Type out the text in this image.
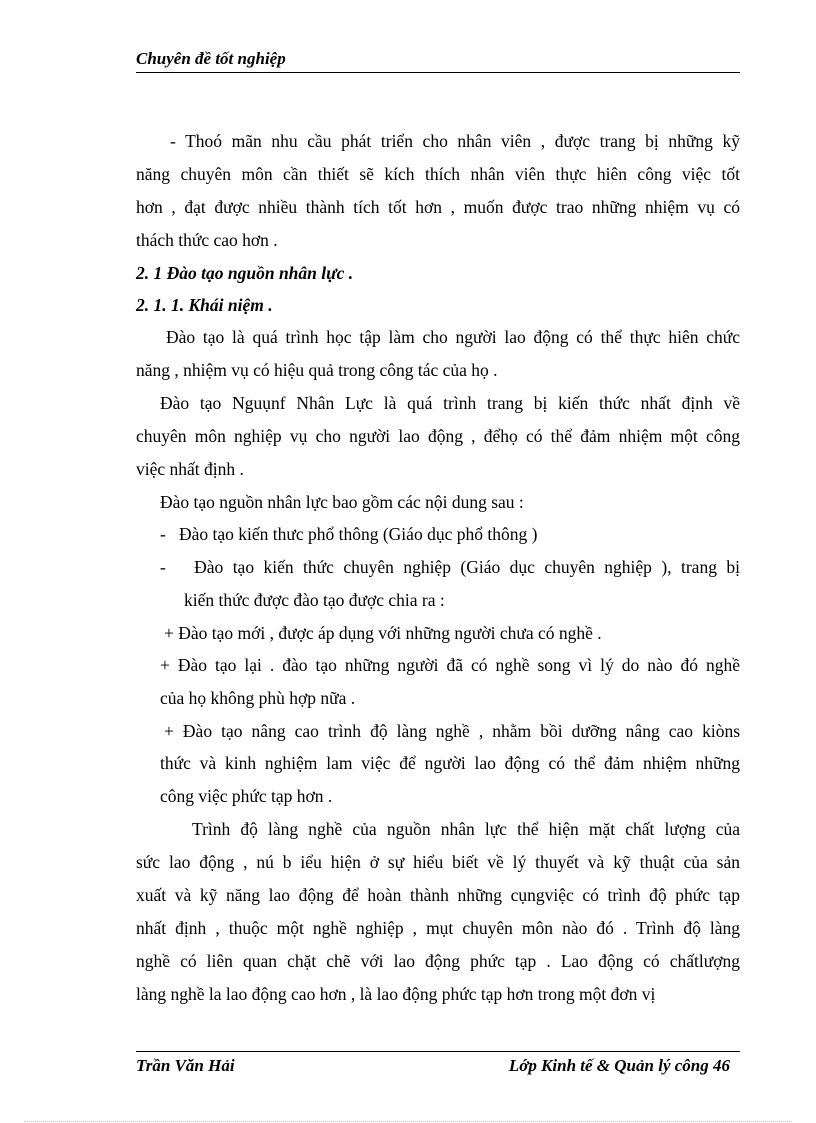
Chuyên đề tốt nghiệp
- Thoó mãn nhu cầu phát triển cho nhân viên , được trang bị những kỹ
năng chuyên môn cần thiết sẽ kích thích nhân viên thực hiên công việc tốt
hơn , đạt được nhiều thành tích tốt hơn , muốn được trao những nhiệm vụ có
thách thức cao hơn .
2. 1 Đào tạo nguồn nhân lực .
2. 1. 1. Khái niệm .
Đào tạo là quá trình học tập làm cho người lao động có thể thực hiên chức
năng , nhiệm vụ có hiệu quả trong công tác của họ .
Đào tạo Nguụnf Nhân Lực là quá trình trang bị kiến thức nhất định về
chuyên môn nghiệp vụ cho người lao động , đểhọ có thể đảm nhiệm một công
việc nhất định .
Đào tạo nguồn nhân lực bao gồm các nội dung sau :
-   Đào tạo kiến thưc phổ thông (Giáo dục phổ thông )
-   Đào tạo kiến thức chuyên nghiệp (Giáo dục chuyên nghiệp ), trang bị
kiến thức được đào tạo được chia ra :
+ Đào tạo mới , được áp dụng với những người chưa có nghề .
+ Đào tạo lại . đào tạo những người đã có nghề song vì lý do nào đó nghề
của họ không phù hợp nữa .
+ Đào tạo nâng cao trình độ làng nghề , nhằm bồi dưỡng nâng cao kiòns
thức và kinh nghiệm lam việc để người lao động có thể đảm nhiệm những
công việc phức tạp hơn .
Trình độ làng nghề của nguồn nhân lực thể hiện mặt chất lượng của
sức lao động , nú b iểu hiện ở sự hiểu biết về lý thuyết và kỹ thuật của sản
xuất và kỹ năng lao động để hoàn thành những cụngviệc có trình độ phức tạp
nhất định , thuộc một nghề nghiệp , mụt chuyên môn nào đó . Trình độ làng
nghề có liên quan chặt chẽ với lao động phức tạp . Lao động có chấtlượng
làng nghề la lao động cao hơn , là lao động phức tạp hơn trong một đơn vị
Trần Văn Hải	Lớp Kinh tế & Quản lý công 46
